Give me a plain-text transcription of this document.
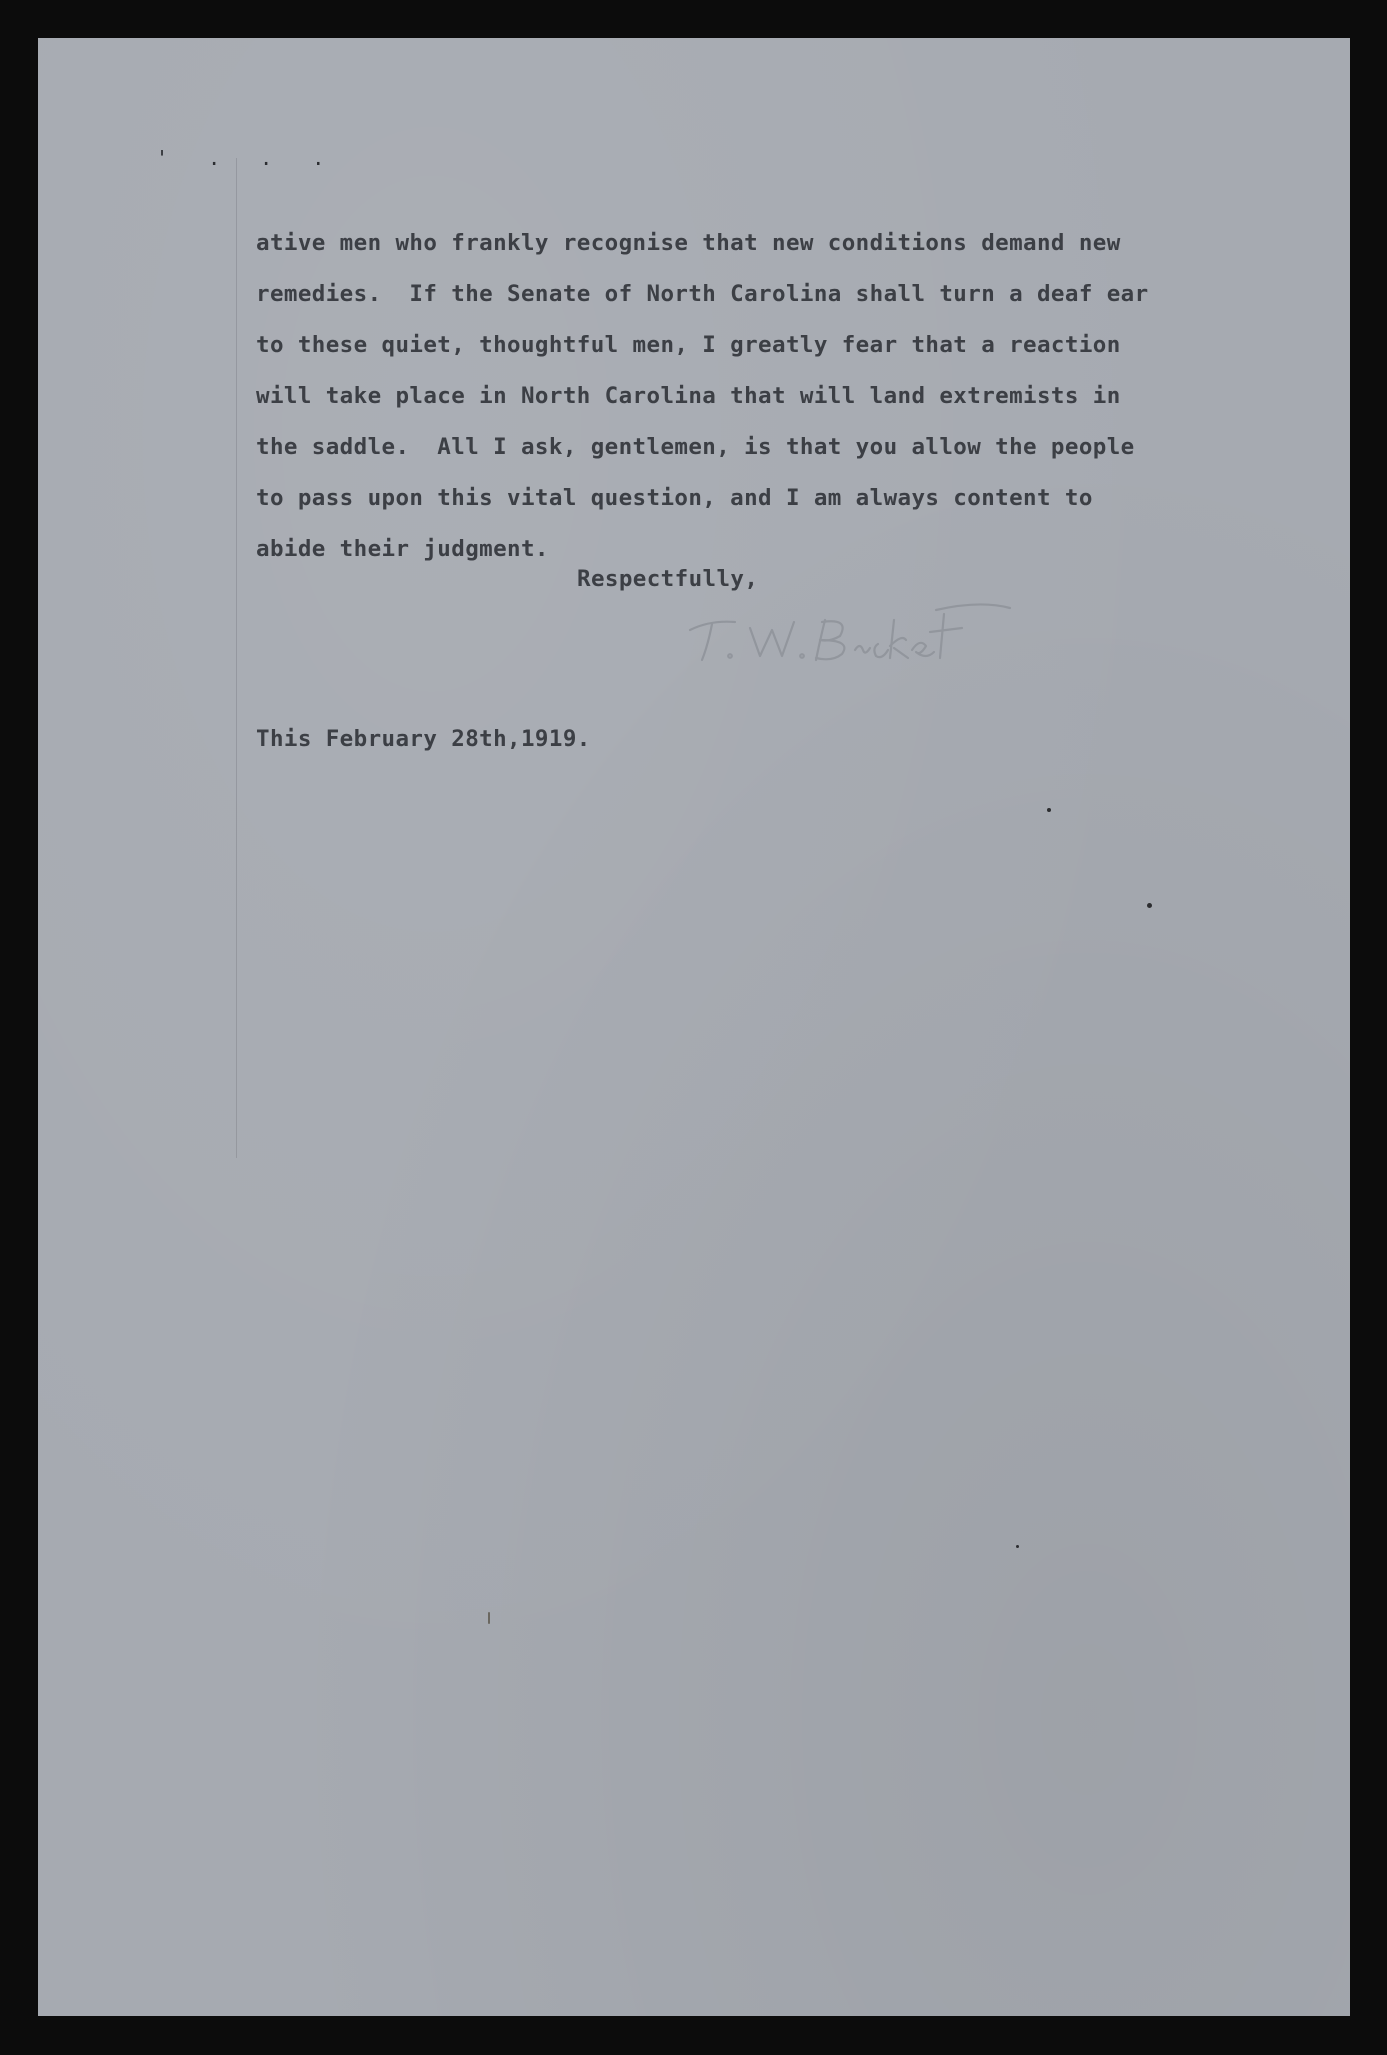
' . . .
ative men who frankly recognise that new conditions demand new
remedies.  If the Senate of North Carolina shall turn a deaf ear
to these quiet, thoughtful men, I greatly fear that a reaction
will take place in North Carolina that will land extremists in
the saddle.  All I ask, gentlemen, is that you allow the people
to pass upon this vital question, and I am always content to
abide their judgment.
Respectfully,
This February 28th,1919.
